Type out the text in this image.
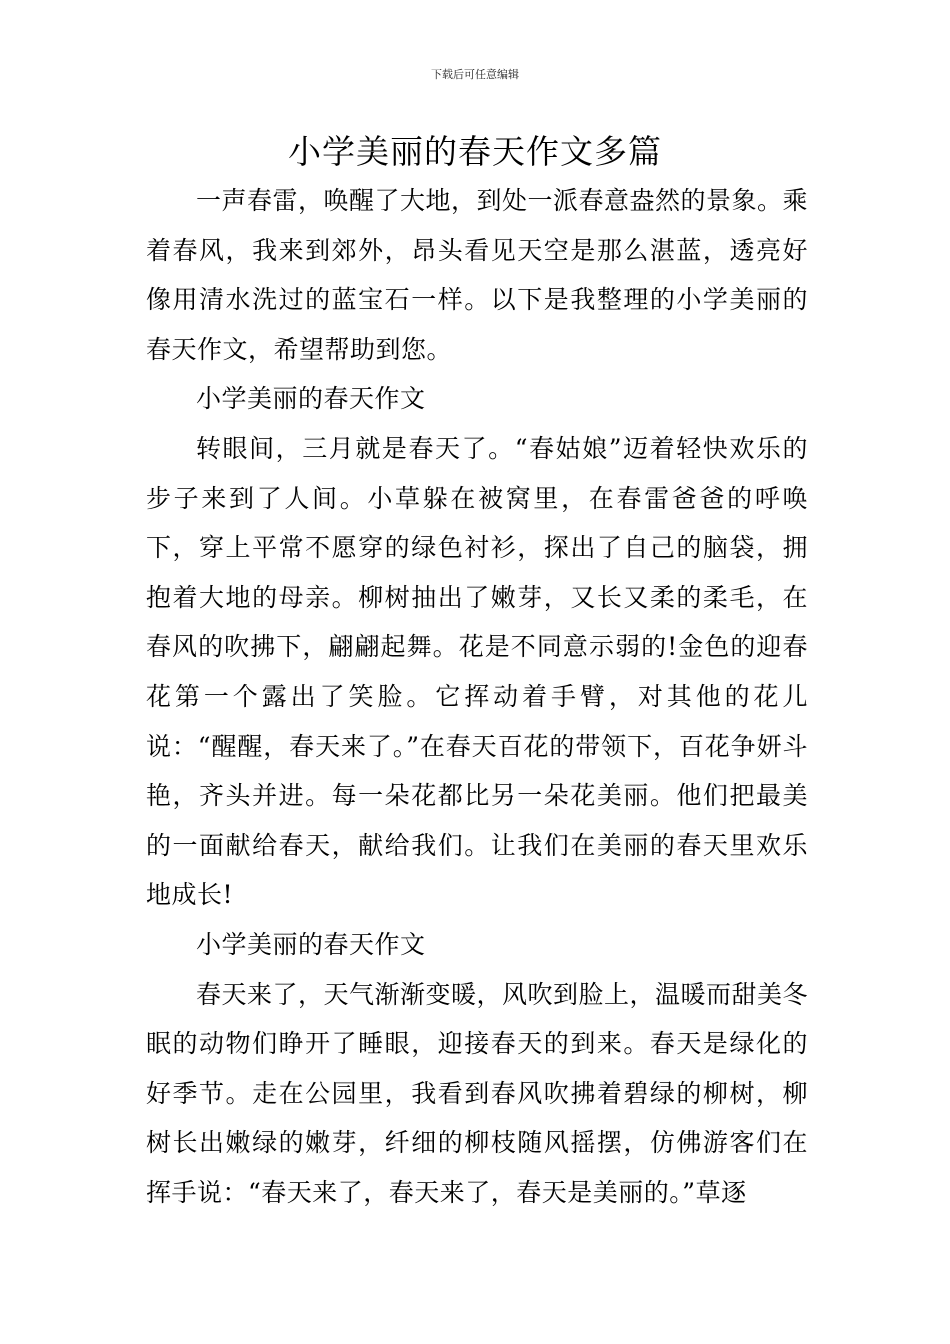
下载后可任意编辑
小学美丽的春天作文多篇

一声春雷，唤醒了大地，到处一派春意盎然的景象。乘着春风，我来到郊外，昂头看见天空是那么湛蓝，透亮好像用清水洗过的蓝宝石一样。以下是我整理的小学美丽的春天作文，希望帮助到您。

小学美丽的春天作文

转眼间，三月就是春天了。“春姑娘”迈着轻快欢乐的步子来到了人间。小草躲在被窝里，在春雷爸爸的呼唤下，穿上平常不愿穿的绿色衬衫，探出了自己的脑袋，拥抱着大地的母亲。柳树抽出了嫩芽，又长又柔的柔毛，在春风的吹拂下，翩翩起舞。花是不同意示弱的!金色的迎春花第一个露出了笑脸。它挥动着手臂，对其他的花儿说：“醒醒，春天来了。”在春天百花的带领下，百花争妍斗艳，齐头并进。每一朵花都比另一朵花美丽。他们把最美的一面献给春天，献给我们。让我们在美丽的春天里欢乐地成长!

小学美丽的春天作文

春天来了，天气渐渐变暖，风吹到脸上，温暖而甜美冬眠的动物们睁开了睡眼，迎接春天的到来。春天是绿化的好季节。走在公园里，我看到春风吹拂着碧绿的柳树，柳树长出嫩绿的嫩芽，纤细的柳枝随风摇摆，仿佛游客们在挥手说：“春天来了，春天来了，春天是美丽的。”草逐
